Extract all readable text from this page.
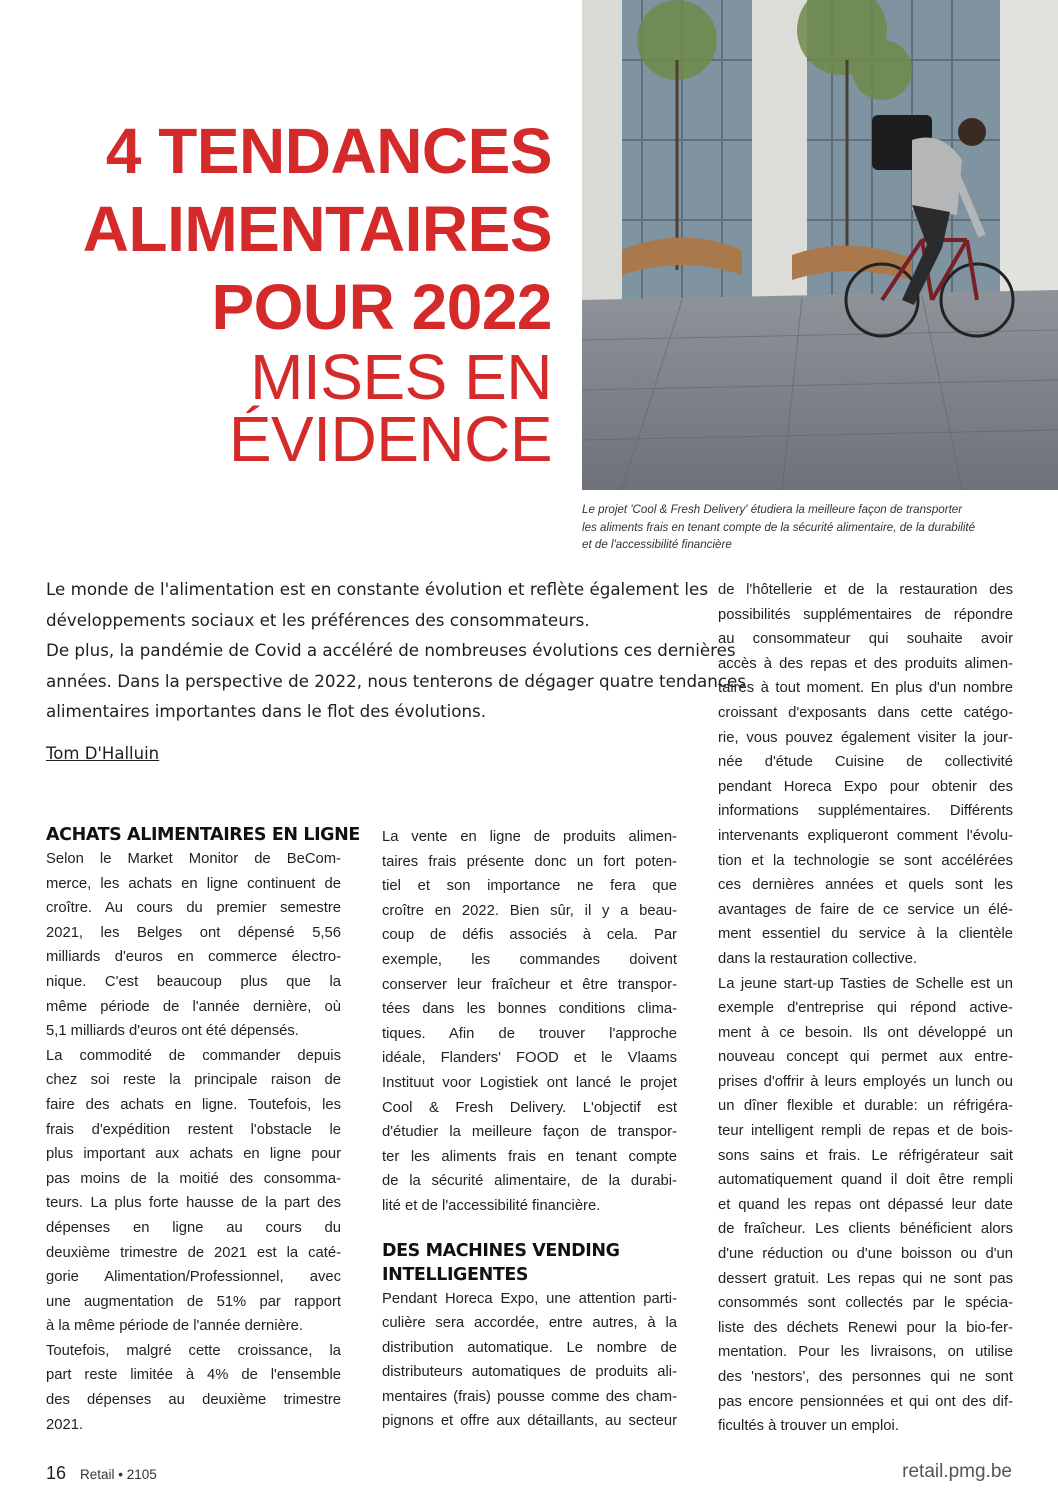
4 TENDANCES
ALIMENTAIRES
POUR 2022
MISES EN
ÉVIDENCE
Le projet 'Cool & Fresh Delivery' étudiera la meilleure façon de transporter
les aliments frais en tenant compte de la sécurité alimentaire, de la durabilité
et de l'accessibilité financière
Le monde de l'alimentation est en constante évolution et reflète également les
développements sociaux et les préférences des consommateurs.
De plus, la pandémie de Covid a accéléré de nombreuses évolutions ces dernières
années. Dans la perspective de 2022, nous tenterons de dégager quatre tendances
alimentaires importantes dans le flot des évolutions.
Tom D'Halluin
ACHATS ALIMENTAIRES EN LIGNE
Selon le Market Monitor de BeCom-
merce, les achats en ligne continuent de
croître. Au cours du premier semestre
2021, les Belges ont dépensé 5,56
milliards d'euros en commerce électro-
nique. C'est beaucoup plus que la
même période de l'année dernière, où
5,1 milliards d'euros ont été dépensés.
La commodité de commander depuis
chez soi reste la principale raison de
faire des achats en ligne. Toutefois, les
frais d'expédition restent l'obstacle le
plus important aux achats en ligne pour
pas moins de la moitié des consomma-
teurs. La plus forte hausse de la part des
dépenses en ligne au cours du
deuxième trimestre de 2021 est la caté-
gorie Alimentation/Professionnel, avec
une augmentation de 51% par rapport
à la même période de l'année dernière.
Toutefois, malgré cette croissance, la
part reste limitée à 4% de l'ensemble
des dépenses au deuxième trimestre
2021.
La vente en ligne de produits alimen-
taires frais présente donc un fort poten-
tiel et son importance ne fera que
croître en 2022. Bien sûr, il y a beau-
coup de défis associés à cela. Par
exemple, les commandes doivent
conserver leur fraîcheur et être transpor-
tées dans les bonnes conditions clima-
tiques. Afin de trouver l'approche
idéale, Flanders' FOOD et le Vlaams
Instituut voor Logistiek ont lancé le projet
Cool & Fresh Delivery. L'objectif est
d'étudier la meilleure façon de transpor-
ter les aliments frais en tenant compte
de la sécurité alimentaire, de la durabi-
lité et de l'accessibilité financière.
DES MACHINES VENDING
INTELLIGENTES
Pendant Horeca Expo, une attention parti-
culière sera accordée, entre autres, à la
distribution automatique. Le nombre de
distributeurs automatiques de produits ali-
mentaires (frais) pousse comme des cham-
pignons et offre aux détaillants, au secteur
de l'hôtellerie et de la restauration des
possibilités supplémentaires de répondre
au consommateur qui souhaite avoir
accès à des repas et des produits alimen-
taires à tout moment. En plus d'un nombre
croissant d'exposants dans cette catégo-
rie, vous pouvez également visiter la jour-
née d'étude Cuisine de collectivité
pendant Horeca Expo pour obtenir des
informations supplémentaires. Différents
intervenants expliqueront comment l'évolu-
tion et la technologie se sont accélérées
ces dernières années et quels sont les
avantages de faire de ce service un élé-
ment essentiel du service à la clientèle
dans la restauration collective.
La jeune start-up Tasties de Schelle est un
exemple d'entreprise qui répond active-
ment à ce besoin. Ils ont développé un
nouveau concept qui permet aux entre-
prises d'offrir à leurs employés un lunch ou
un dîner flexible et durable: un réfrigéra-
teur intelligent rempli de repas et de bois-
sons sains et frais. Le réfrigérateur sait
automatiquement quand il doit être rempli
et quand les repas ont dépassé leur date
de fraîcheur. Les clients bénéficient alors
d'une réduction ou d'une boisson ou d'un
dessert gratuit. Les repas qui ne sont pas
consommés sont collectés par le spécia-
liste des déchets Renewi pour la bio-fer-
mentation. Pour les livraisons, on utilise
des 'nestors', des personnes qui ne sont
pas encore pensionnées et qui ont des dif-
ficultés à trouver un emploi.
16 Retail • 2105	retail.pmg.be
